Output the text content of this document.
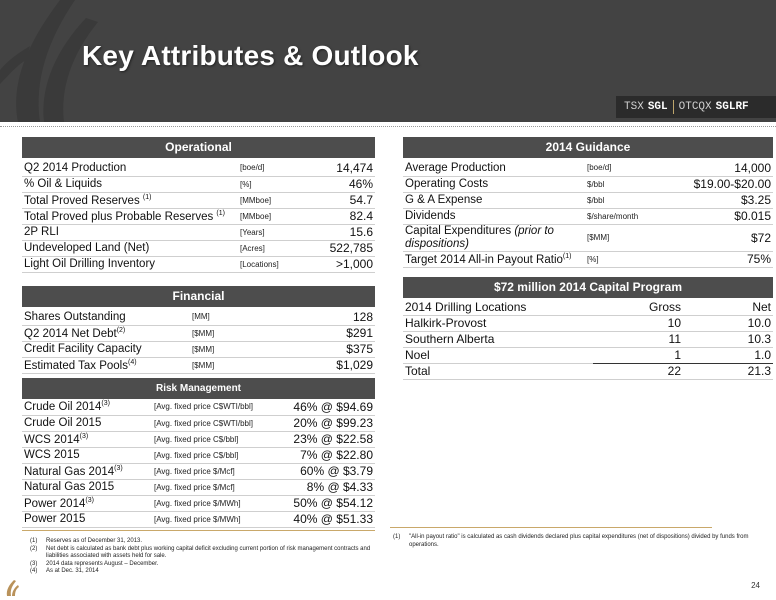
Key Attributes & Outlook
TSX SGL OTCQX SGLRF
Operational
Q2 2014 Production	[boe/d]	14,474
% Oil & Liquids	[%]	46%
Total Proved Reserves $^{(1)}$	[MMboe]	54.7
Total Proved plus Probable Reserves $^{(1)}$	[MMboe]	82.4
2P RLI	[Years]	15.6
Undeveloped Land (Net)	[Acres]	522,785
Light Oil Drilling Inventory	[Locations]	>1,000
Financial
Shares Outstanding	[MM]	128
Q2 2014 Net Debt$^{(2)}$	[$MM]	$291
Credit Facility Capacity	[$MM]	$375
Estimated Tax Pools$^{(4)}$	[$MM]	$1,029
Risk Management
Crude Oil 2014$^{(3)}$	[Avg. fixed price C$WTI/bbl]	46% @ $94.69
Crude Oil 2015	[Avg. fixed price C$WTI/bbl]	20% @ $99.23
WCS 2014$^{(3)}$	[Avg. fixed price C$/bbl]	23% @ $22.58
WCS 2015	[Avg. fixed price C$/bbl]	7% @ $22.80
Natural Gas 2014$^{(3)}$	[Avg. fixed price $/Mcf]	60% @ $3.79
Natural Gas 2015	[Avg. fixed price $/Mcf]	8% @ $4.33
Power 2014$^{(3)}$	[Avg. fixed price $/MWh]	50% @ $54.12
Power 2015	[Avg. fixed price $/MWh]	40% @ $51.33
2014 Guidance
Average Production	[boe/d]	14,000
Operating Costs	$/bbl	$19.00-$20.00
G & A Expense	$/bbl	$3.25
Dividends	$/share/month	$0.015
Capital Expenditures (prior to dispositions)	[$MM]	$72
Target 2014 All-in Payout Ratio$^{(1)}$	[%]	75%
$72 million 2014 Capital Program
2014 Drilling Locations	Gross	Net
Halkirk-Provost	10	10.0
Southern Alberta	11	10.3
Noel	1	1.0
Total	22	21.3
(1) Reserves as of December 31, 2013.
(2) Net debt is calculated as bank debt plus working capital deficit excluding current portion of risk management contracts and
liabilities associated with assets held for sale.
(3) 2014 data represents August – December.
(4) As at Dec. 31, 2014
(1) "All-in payout ratio" is calculated as cash dividends declared plus capital expenditures (net of dispositions) divided by funds from
operations.
24
